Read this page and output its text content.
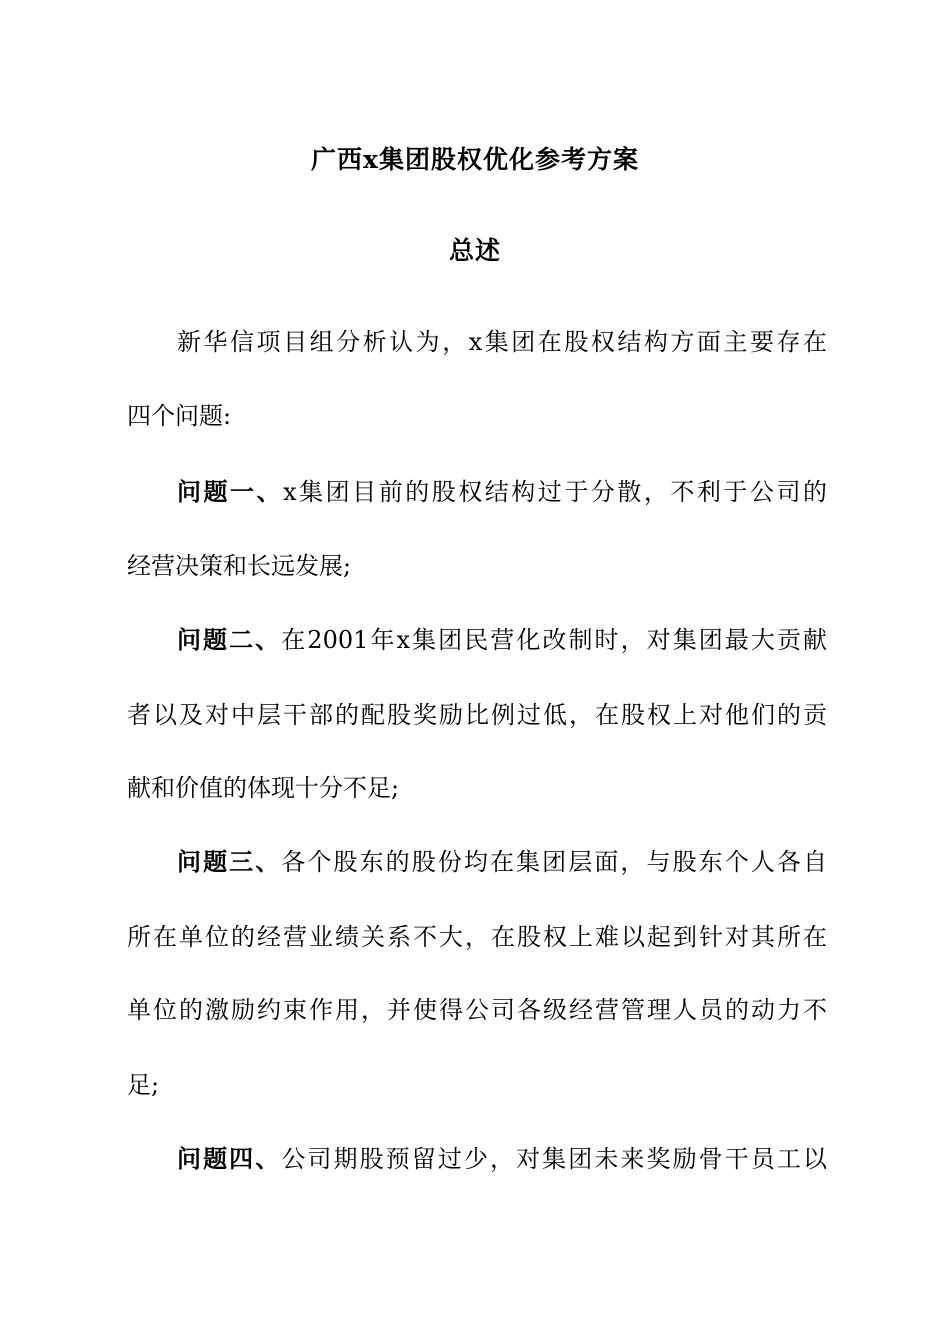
广西x集团股权优化参考方案
总述

新华信项目组分析认为，x集团在股权结构方面主要存在

四个问题:

问题一、x集团目前的股权结构过于分散，不利于公司的

经营决策和长远发展;

问题二、在2001年x集团民营化改制时，对集团最大贡献

者以及对中层干部的配股奖励比例过低，在股权上对他们的贡

献和价值的体现十分不足;

问题三、各个股东的股份均在集团层面，与股东个人各自

所在单位的经营业绩关系不大，在股权上难以起到针对其所在

单位的激励约束作用，并使得公司各级经营管理人员的动力不

足;

问题四、公司期股预留过少，对集团未来奖励骨干员工以
